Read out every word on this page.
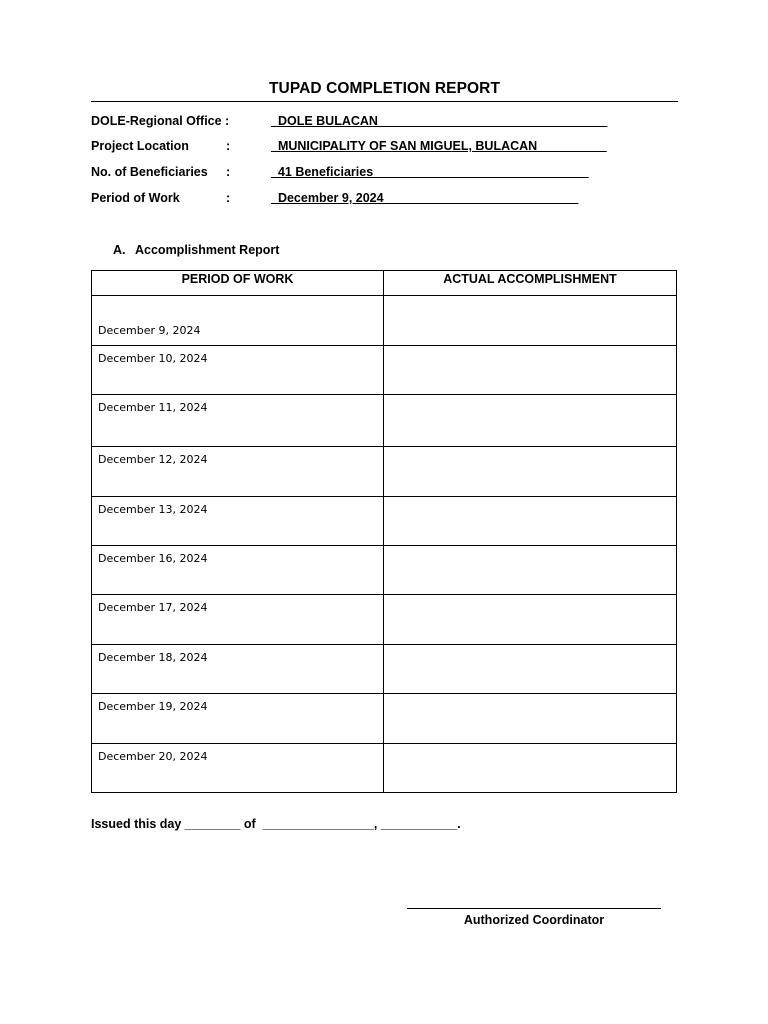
TUPAD COMPLETION REPORT
DOLE-Regional Office :	_DOLE BULACAN_________________________________
Project Location	:	_MUNICIPALITY OF SAN MIGUEL, BULACAN__________
No. of Beneficiaries :	_41 Beneficiaries_______________________________
Period of Work	:	_December 9, 2024____________________________
A. Accomplishment Report
PERIOD OF WORK	ACTUAL ACCOMPLISHMENT
December 9, 2024	
December 10, 2024	
December 11, 2024	
December 12, 2024	
December 13, 2024	
December 16, 2024	
December 17, 2024	
December 18, 2024	
December 19, 2024	
December 20, 2024	
Issued this day ________ of  ________________, ___________.
Authorized Coordinator
